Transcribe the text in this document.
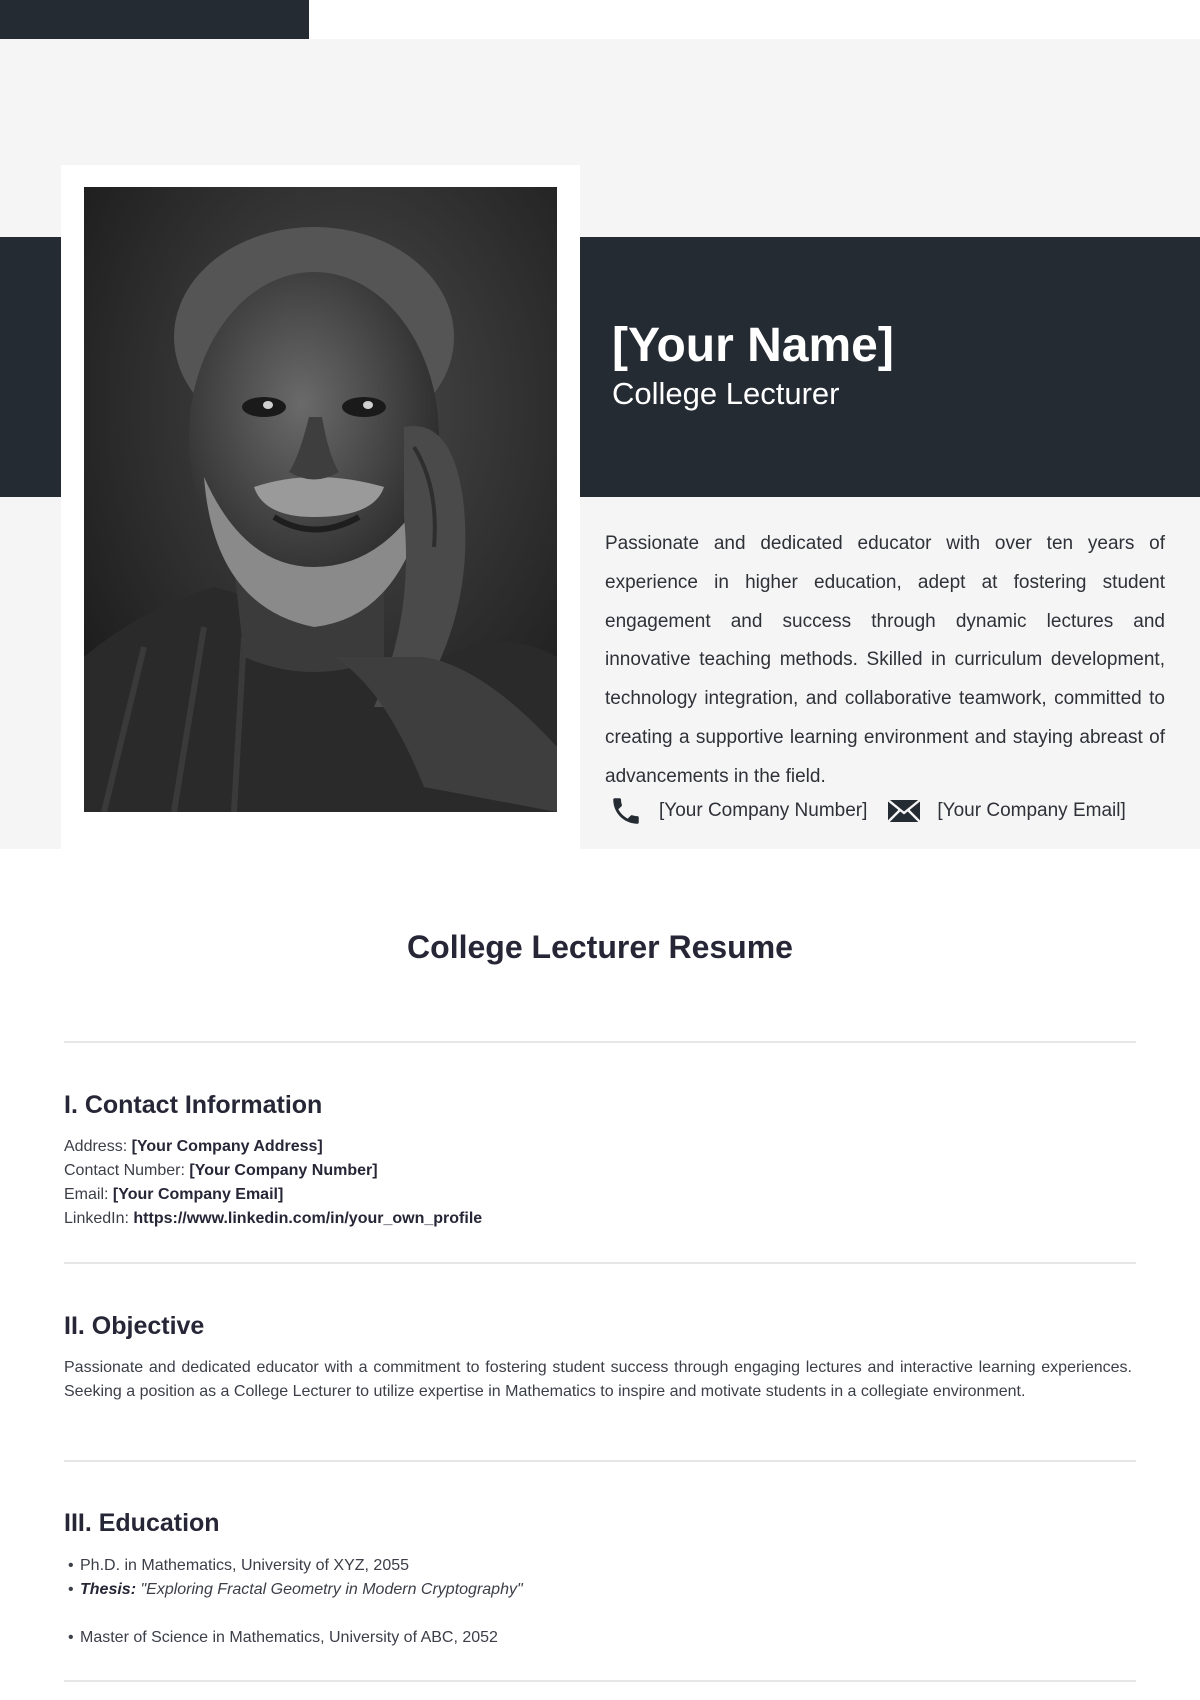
[Your Name]
College Lecturer

Passionate and dedicated educator with over ten years of experience in higher education, adept at fostering student engagement and success through dynamic lectures and innovative teaching methods. Skilled in curriculum development, technology integration, and collaborative teamwork, committed to creating a supportive learning environment and staying abreast of advancements in the field.

[Your Company Number]	[Your Company Email]
College Lecturer Resume
I. Contact Information
Address: [Your Company Address]
Contact Number: [Your Company Number]
Email: [Your Company Email]
LinkedIn: https://www.linkedin.com/in/your_own_profile
II. Objective

Passionate and dedicated educator with a commitment to fostering student success through engaging lectures and interactive learning experiences. Seeking a position as a College Lecturer to utilize expertise in Mathematics to inspire and motivate students in a collegiate environment.

III. Education
• Ph.D. in Mathematics, University of XYZ, 2055
• Thesis: "Exploring Fractal Geometry in Modern Cryptography"
• Master of Science in Mathematics, University of ABC, 2052
